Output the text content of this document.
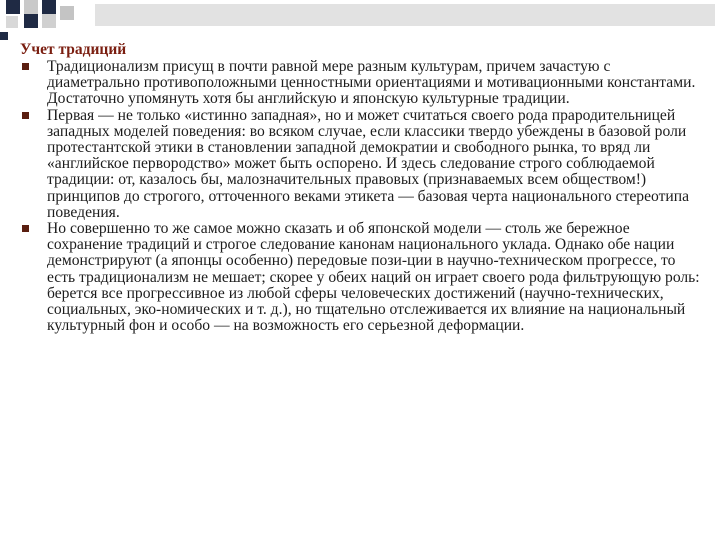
Учет традиций
Традиционализм присущ в почти равной мере разным культурам, причем зачастую с диаметрально противоположными ценностными ориентациями и мотивационными константами. Достаточно упомянуть хотя бы английскую и японскую культурные традиции.
Первая — не только «истинно западная», но и может считаться своего рода прародительницей западных моделей поведения: во всяком случае, если классики твердо убеждены в базовой роли протестантской этики в становлении западной демократии и свободного рынка, то вряд ли «английское первородство» может быть оспорено. И здесь следование строго соблюдаемой традиции: от, казалось бы, малозначительных правовых (признаваемых всем обществом!) принципов до строгого, отточенного веками этикета — базовая черта национального стереотипа поведения.
Но совершенно то же самое можно сказать и об японской модели — столь же бережное сохранение традиций и строгое следование канонам национального уклада. Однако обе нации демонстрируют (а японцы особенно) передовые пози-ции в научно-техническом прогрессе, то есть традиционализм не мешает; скорее у обеих наций он играет своего рода фильтрующую роль: берется все прогрессивное из любой сферы человеческих достижений (научно-технических, социальных, эко-номических и т. д.), но тщательно отслеживается их влияние на национальный культурный фон и особо — на возможность его серьезной деформации.
